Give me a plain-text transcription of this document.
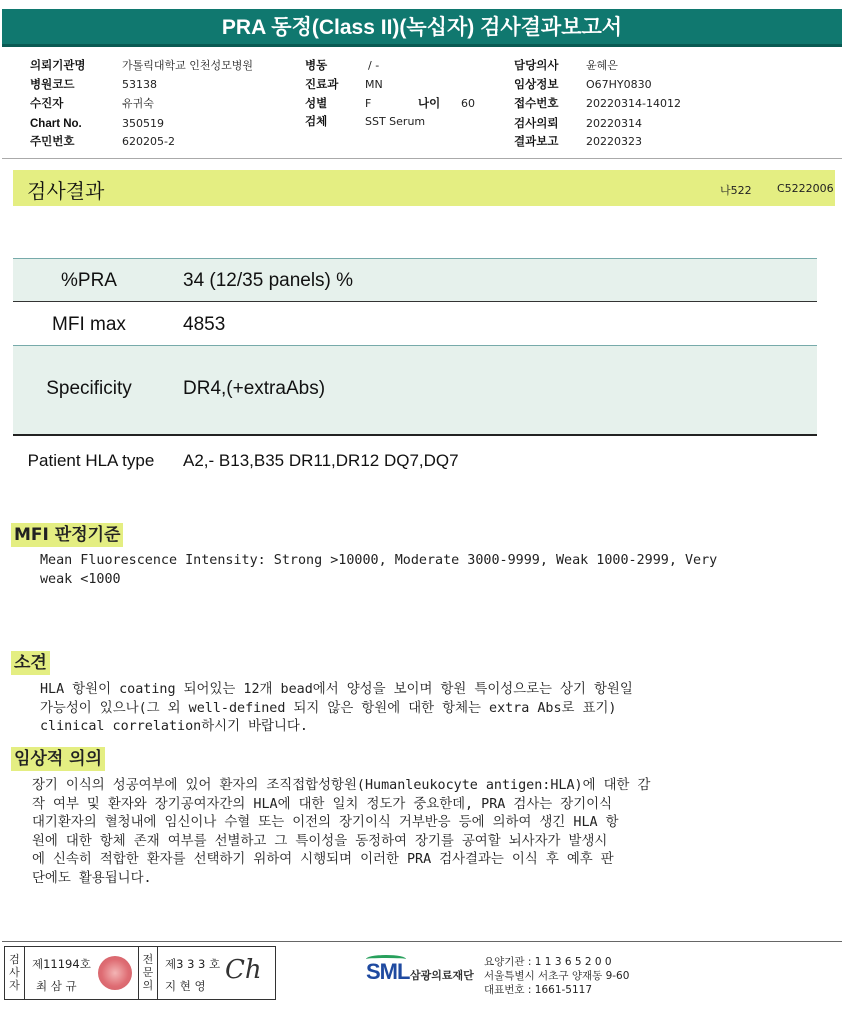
PRA 동정(Class II)(녹십자) 검사결과보고서
의뢰기관명	가톨릭대학교 인천성모병원
병원코드	53138
수진자	유귀숙
Chart No.	350519
주민번호	620205-2
병동	/ -
진료과 MN
성별	F	나이 60
검체	SST Serum
담당의사	윤혜은
임상정보	O67HY0830
접수번호	20220314-14012
검사의뢰	20220314
결과보고	20220323
검사결과	나522 C5222006
%PRA	34 (12/35 panels) %
MFI max	4853
Specificity	DR4,(+extraAbs)
Patient HLA type	A2,- B13,B35 DR11,DR12 DQ7,DQ7
MFI 판정기준
Mean Fluorescence Intensity: Strong >10000, Moderate 3000-9999, Weak 1000-2999, Very
weak <1000
소견
HLA 항원이 coating 되어있는 12개 bead에서 양성을 보이며 항원 특이성으로는 상기 항원일
가능성이 있으나(그 외 well-defined 되지 않은 항원에 대한 항체는 extra Abs로 표기)
clinical correlation하시기 바랍니다.
임상적 의의
장기 이식의 성공여부에 있어 환자의 조직접합성항원(Humanleukocyte antigen:HLA)에 대한 감
작 여부 및 환자와 장기공여자간의 HLA에 대한 일치 정도가 중요한데, PRA 검사는 장기이식
대기환자의 혈청내에 임신이나 수혈 또는 이전의 장기이식 거부반응 등에 의하여 생긴 HLA 항
원에 대한 항체 존재 여부를 선별하고 그 특이성을 동정하여 장기를 공여할 뇌사자가 발생시
에 신속히 적합한 환자를 선택하기 위하여 시행되며 이러한 PRA 검사결과는 이식 후 예후 판
단에도 활용됩니다.
검
사
자
제11194호
최 삼 규
전
문
의
제3 3 3 호
지 현 영
Ch	SML 삼광의료재단
요양기관 : 1 1 3 6 5 2 0 0
서울특별시 서초구 양재동 9-60
대표번호 : 1661-5117
